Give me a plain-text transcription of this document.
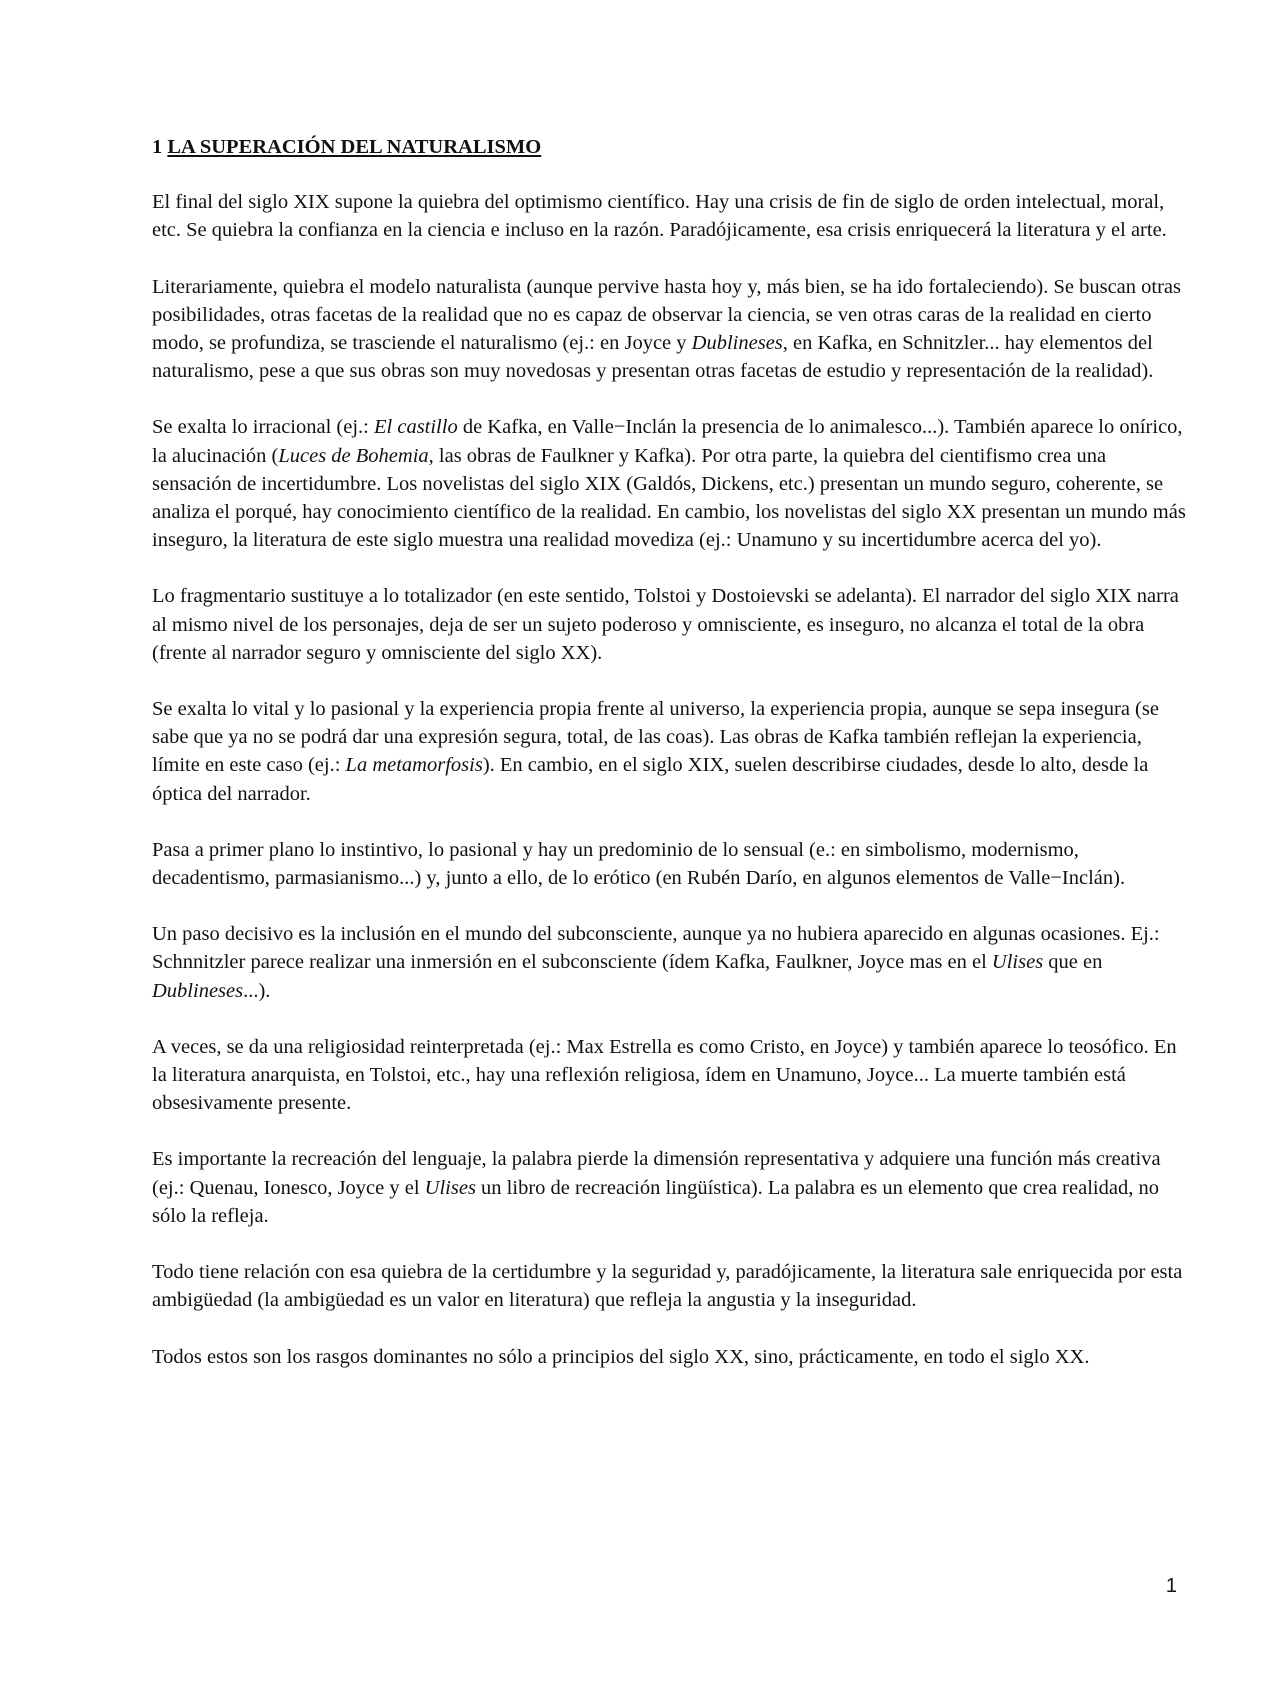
1 LA SUPERACIÓN DEL NATURALISMO

El final del siglo XIX supone la quiebra del optimismo científico. Hay una crisis de fin de siglo de orden intelectual, moral, etc. Se quiebra la confianza en la ciencia e incluso en la razón. Paradójicamente, esa crisis enriquecerá la literatura y el arte.

Literariamente, quiebra el modelo naturalista (aunque pervive hasta hoy y, más bien, se ha ido fortaleciendo). Se buscan otras posibilidades, otras facetas de la realidad que no es capaz de observar la ciencia, se ven otras caras de la realidad en cierto modo, se profundiza, se trasciende el naturalismo (ej.: en Joyce y Dublineses, en Kafka, en Schnitzler... hay elementos del naturalismo, pese a que sus obras son muy novedosas y presentan otras facetas de estudio y representación de la realidad).

Se exalta lo irracional (ej.: El castillo de Kafka, en Valle−Inclán la presencia de lo animalesco...). También aparece lo onírico, la alucinación (Luces de Bohemia, las obras de Faulkner y Kafka). Por otra parte, la quiebra del cientifismo crea una sensación de incertidumbre. Los novelistas del siglo XIX (Galdós, Dickens, etc.) presentan un mundo seguro, coherente, se analiza el porqué, hay conocimiento científico de la realidad. En cambio, los novelistas del siglo XX presentan un mundo más inseguro, la literatura de este siglo muestra una realidad movediza (ej.: Unamuno y su incertidumbre acerca del yo).

Lo fragmentario sustituye a lo totalizador (en este sentido, Tolstoi y Dostoievski se adelanta). El narrador del siglo XIX narra al mismo nivel de los personajes, deja de ser un sujeto poderoso y omnisciente, es inseguro, no alcanza el total de la obra (frente al narrador seguro y omnisciente del siglo XX).

Se exalta lo vital y lo pasional y la experiencia propia frente al universo, la experiencia propia, aunque se sepa insegura (se sabe que ya no se podrá dar una expresión segura, total, de las coas). Las obras de Kafka también reflejan la experiencia, límite en este caso (ej.: La metamorfosis). En cambio, en el siglo XIX, suelen describirse ciudades, desde lo alto, desde la óptica del narrador.

Pasa a primer plano lo instintivo, lo pasional y hay un predominio de lo sensual (e.: en simbolismo, modernismo, decadentismo, parmasianismo...) y, junto a ello, de lo erótico (en Rubén Darío, en algunos elementos de Valle−Inclán).

Un paso decisivo es la inclusión en el mundo del subconsciente, aunque ya no hubiera aparecido en algunas ocasiones. Ej.: Schnnitzler parece realizar una inmersión en el subconsciente (ídem Kafka, Faulkner, Joyce mas en el Ulises que en Dublineses...).

A veces, se da una religiosidad reinterpretada (ej.: Max Estrella es como Cristo, en Joyce) y también aparece lo teosófico. En la literatura anarquista, en Tolstoi, etc., hay una reflexión religiosa, ídem en Unamuno, Joyce... La muerte también está obsesivamente presente.

Es importante la recreación del lenguaje, la palabra pierde la dimensión representativa y adquiere una función más creativa (ej.: Quenau, Ionesco, Joyce y el Ulises un libro de recreación lingüística). La palabra es un elemento que crea realidad, no sólo la refleja.

Todo tiene relación con esa quiebra de la certidumbre y la seguridad y, paradójicamente, la literatura sale enriquecida por esta ambigüedad (la ambigüedad es un valor en literatura) que refleja la angustia y la inseguridad.

Todos estos son los rasgos dominantes no sólo a principios del siglo XX, sino, prácticamente, en todo el siglo XX.

1
